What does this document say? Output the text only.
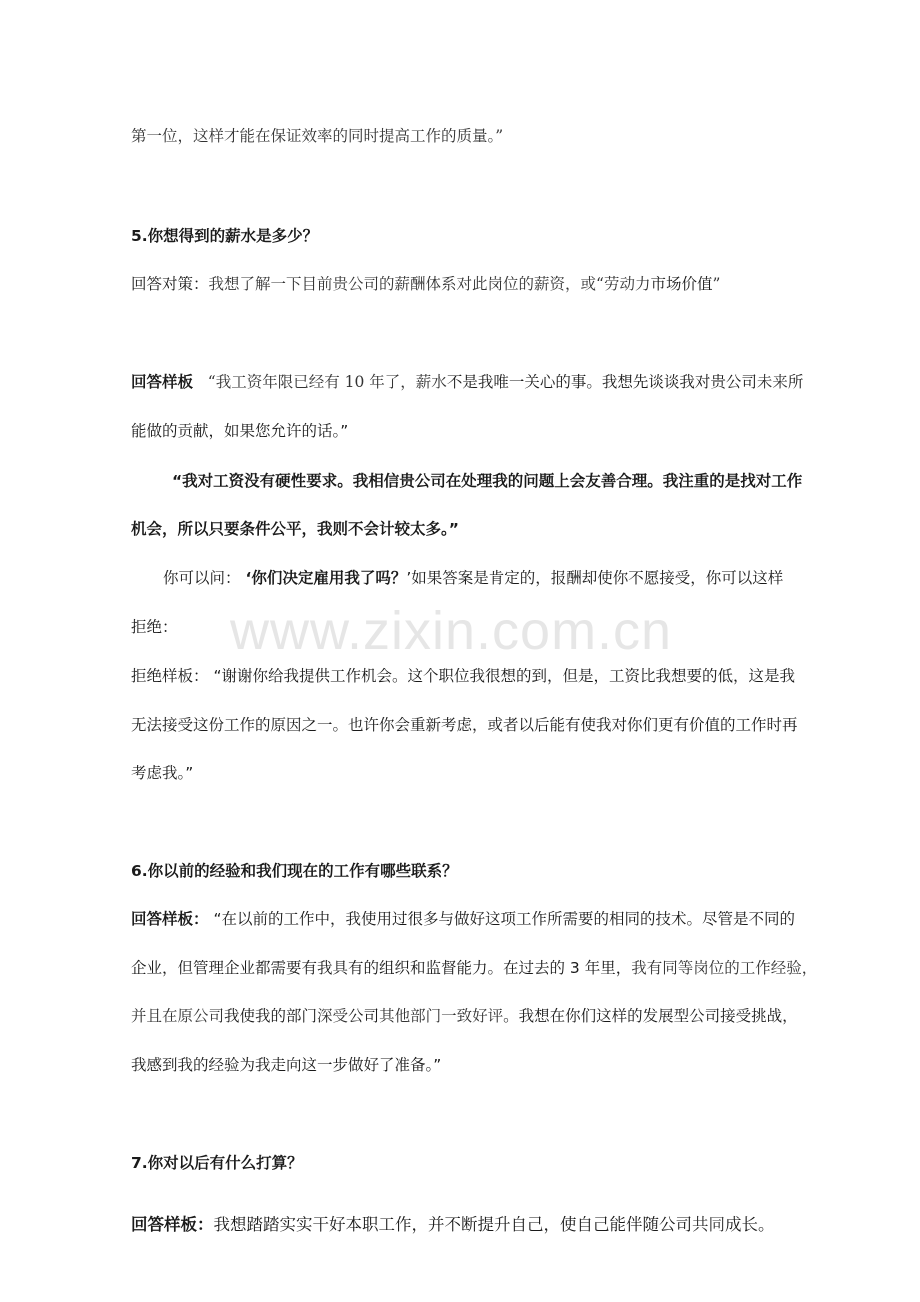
www.zixin.com.cn
第一位，这样才能在保证效率的同时提高工作的质量。”
5.你想得到的薪水是多少？
回答对策：我想了解一下目前贵公司的薪酬体系对此岗位的薪资，或“劳动力市场价值”
回答样板 “我工资年限已经有 10 年了，薪水不是我唯一关心的事。我想先谈谈我对贵公司未来所
能做的贡献，如果您允许的话。”
“我对工资没有硬性要求。我相信贵公司在处理我的问题上会友善合理。我注重的是找对工作
机会，所以只要条件公平，我则不会计较太多。”
你可以问： ‘你们决定雇用我了吗？’如果答案是肯定的，报酬却使你不愿接受，你可以这样
拒绝：
拒绝样板： “谢谢你给我提供工作机会。这个职位我很想的到，但是，工资比我想要的低，这是我
无法接受这份工作的原因之一。也许你会重新考虑，或者以后能有使我对你们更有价值的工作时再
考虑我。”
6.你以前的经验和我们现在的工作有哪些联系？
回答样板： “在以前的工作中，我使用过很多与做好这项工作所需要的相同的技术。尽管是不同的
企业，但管理企业都需要有我具有的组织和监督能力。在过去的 3 年里，我有同等岗位的工作经验，
并且在原公司我使我的部门深受公司其他部门一致好评。我想在你们这样的发展型公司接受挑战，
我感到我的经验为我走向这一步做好了准备。”
7.你对以后有什么打算？
回答样板：我想踏踏实实干好本职工作，并不断提升自己，使自己能伴随公司共同成长。
